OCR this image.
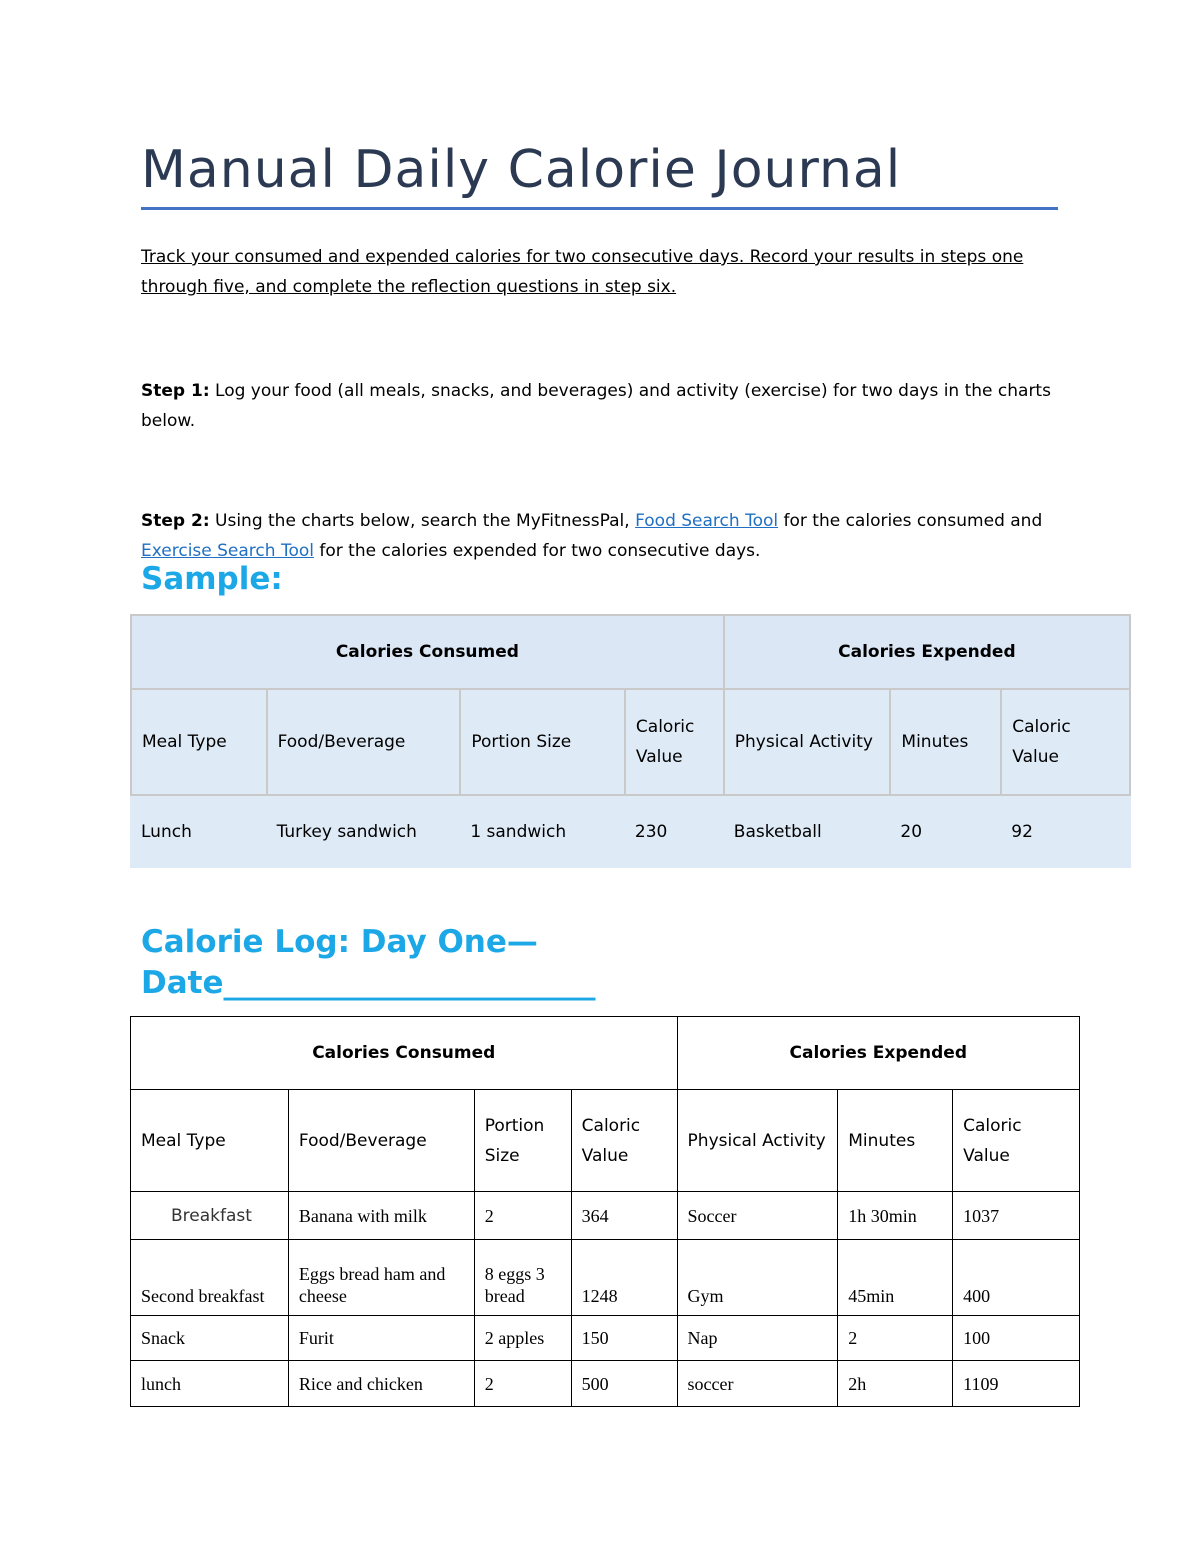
Manual Daily Calorie Journal
Track your consumed and expended calories for two consecutive days. Record your results in steps one through five, and complete the reflection questions in step six.
Step 1: Log your food (all meals, snacks, and beverages) and activity (exercise) for two days in the charts below.
Step 2: Using the charts below, search the MyFitnessPal, Food Search Tool for the calories consumed and Exercise Search Tool for the calories expended for two consecutive days.
Sample:
Calories Consumed				Calories Expended		
Meal Type	Food/Beverage	Portion Size	Caloric Value	Physical Activity	Minutes	Caloric Value
Lunch	Turkey sandwich	1 sandwich	230	Basketball	20	92
Calorie Log: Day One—
Date________________________
Calories Consumed				Calories Expended		
Meal Type	Food/Beverage	Portion Size	Caloric Value	Physical Activity	Minutes	Caloric Value
Breakfast	Banana with milk	2	364	Soccer	1h 30min	1037
Second breakfast	Eggs bread ham and cheese	8 eggs 3 bread	1248	Gym	45min	400
Snack	Furit	2 apples	150	Nap	2	100
lunch	Rice and chicken	2	500	soccer	2h	1109
